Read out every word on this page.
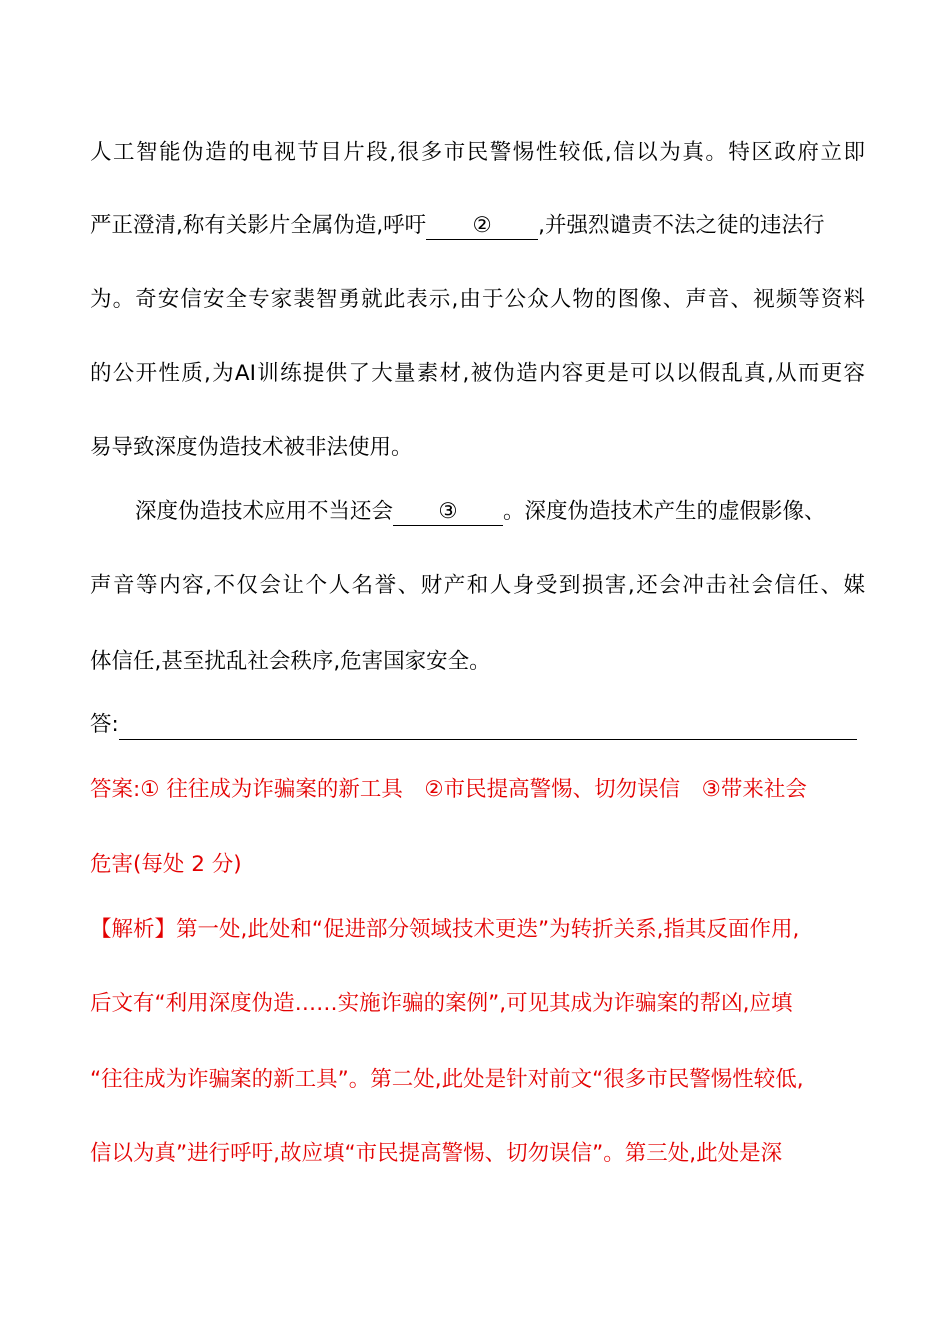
人工智能伪造的电视节目片段,很多市民警惕性较低,信以为真。特区政府立即
严正澄清,称有关影片全属伪造,呼吁 ② ,并强烈谴责不法之徒的违法行
为。奇安信安全专家裴智勇就此表示,由于公众人物的图像、声音、视频等资料
的公开性质,为AI训练提供了大量素材,被伪造内容更是可以以假乱真,从而更容
易导致深度伪造技术被非法使用。
深度伪造技术应用不当还会 ③ 。深度伪造技术产生的虚假影像、
声音等内容,不仅会让个人名誉、财产和人身受到损害,还会冲击社会信任、媒
体信任,甚至扰乱社会秩序,危害国家安全。
答:
答案:① 往往成为诈骗案的新工具　②市民提高警惕、切勿误信　③带来社会
危害(每处 2 分)
【解析】第一处,此处和“促进部分领域技术更迭”为转折关系,指其反面作用,
后文有“利用深度伪造……实施诈骗的案例”,可见其成为诈骗案的帮凶,应填
“往往成为诈骗案的新工具”。第二处,此处是针对前文“很多市民警惕性较低,
信以为真”进行呼吁,故应填“市民提高警惕、切勿误信”。第三处,此处是深
